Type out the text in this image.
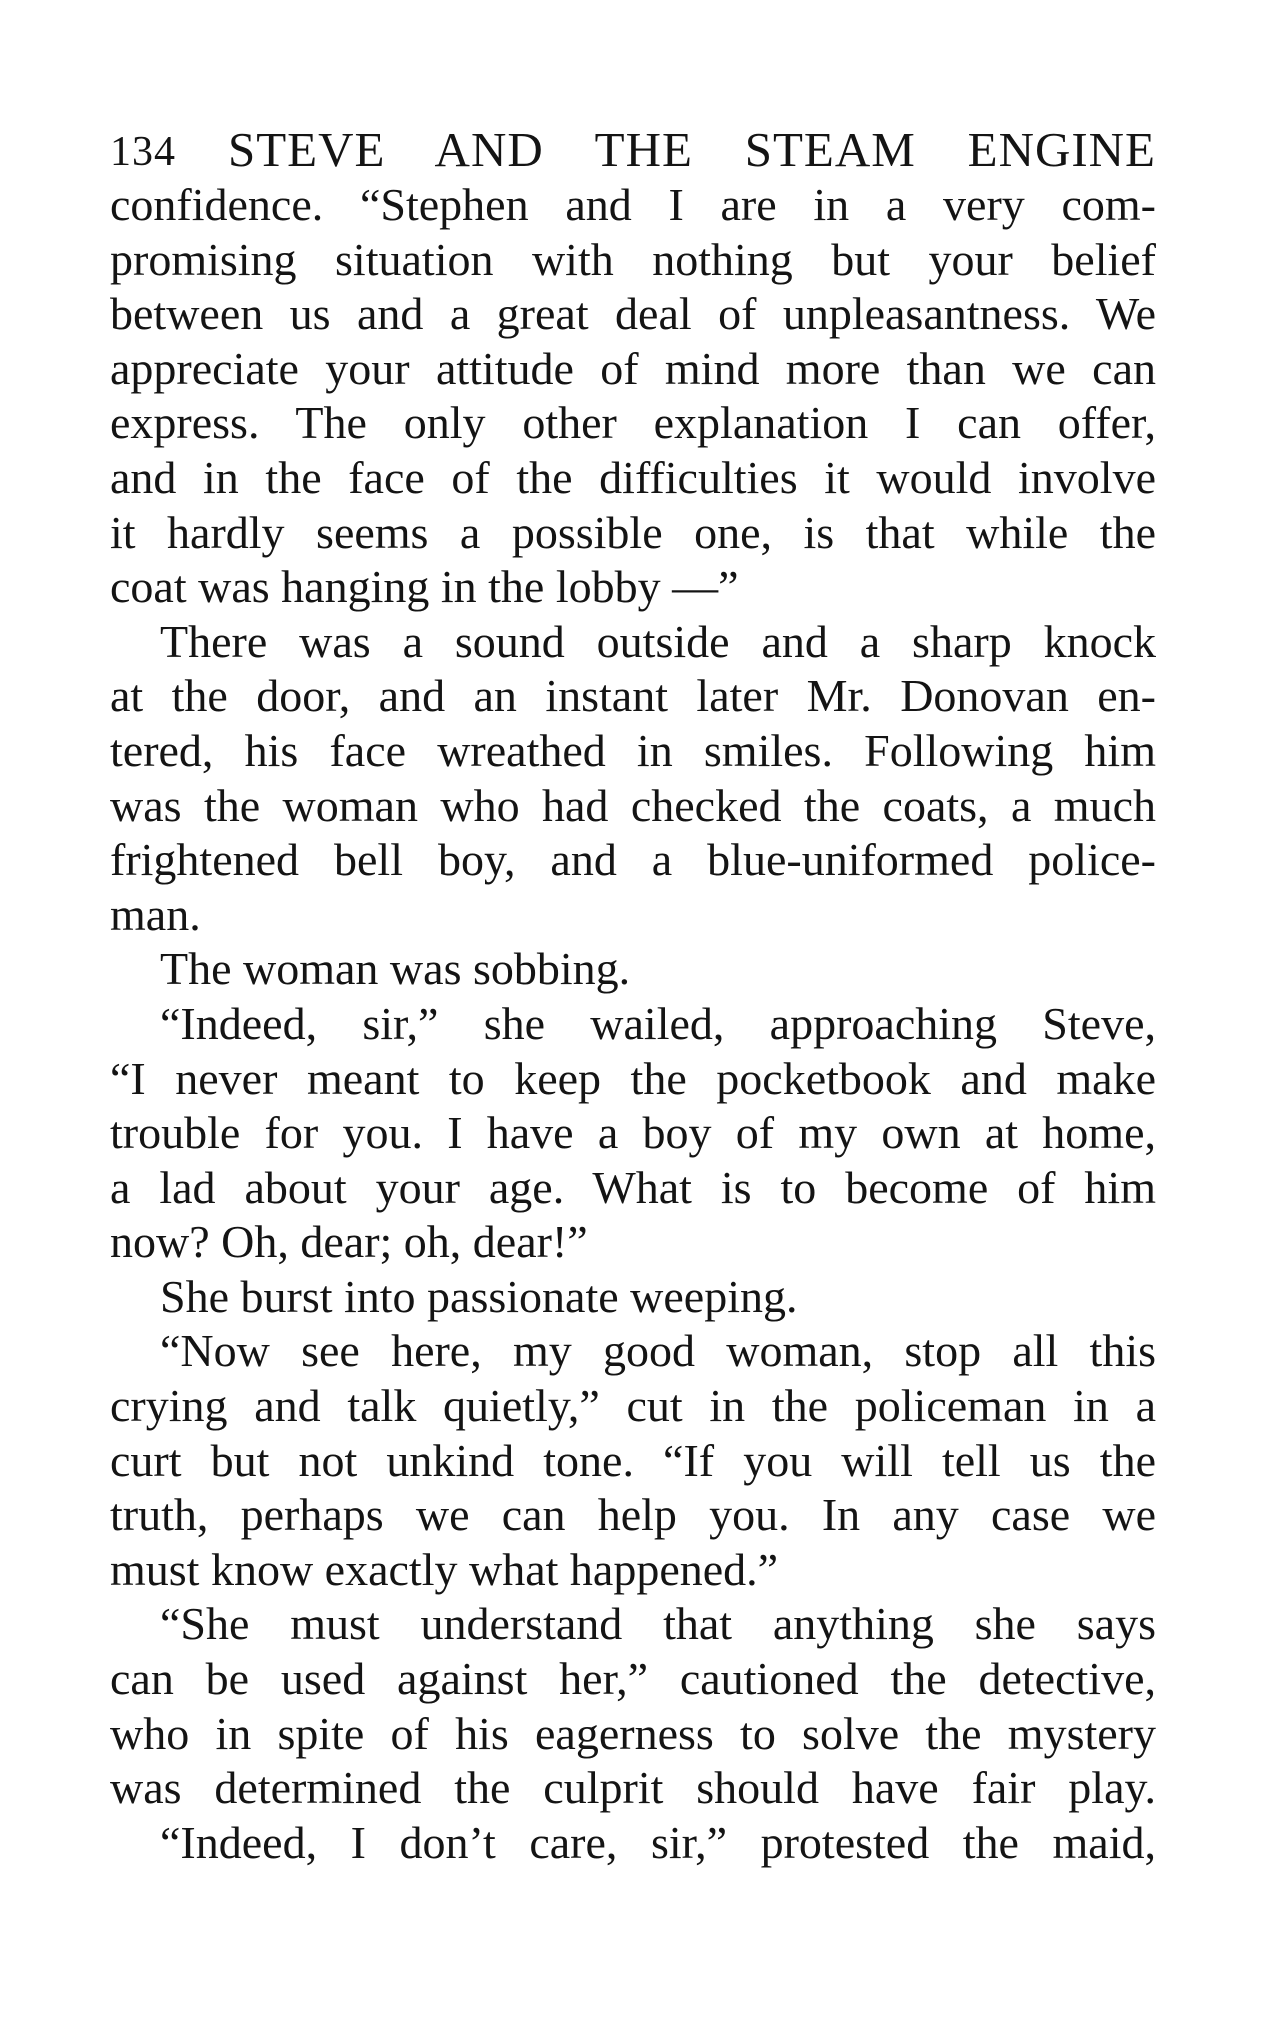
134 STEVE AND THE STEAM ENGINE
confidence. “Stephen and I are in a very com-
promising situation with nothing but your belief
between us and a great deal of unpleasantness. We
appreciate your attitude of mind more than we can
express. The only other explanation I can offer,
and in the face of the difficulties it would involve
it hardly seems a possible one, is that while the
coat was hanging in the lobby —”
There was a sound outside and a sharp knock
at the door, and an instant later Mr. Donovan en-
tered, his face wreathed in smiles. Following him
was the woman who had checked the coats, a much
frightened bell boy, and a blue-uniformed police-
man.
The woman was sobbing.
“Indeed, sir,” she wailed, approaching Steve,
“I never meant to keep the pocketbook and make
trouble for you. I have a boy of my own at home,
a lad about your age. What is to become of him
now? Oh, dear; oh, dear!”
She burst into passionate weeping.
“Now see here, my good woman, stop all this
crying and talk quietly,” cut in the policeman in a
curt but not unkind tone. “If you will tell us the
truth, perhaps we can help you. In any case we
must know exactly what happened.”
“She must understand that anything she says
can be used against her,” cautioned the detective,
who in spite of his eagerness to solve the mystery
was determined the culprit should have fair play.
“Indeed, I don’t care, sir,” protested the maid,
